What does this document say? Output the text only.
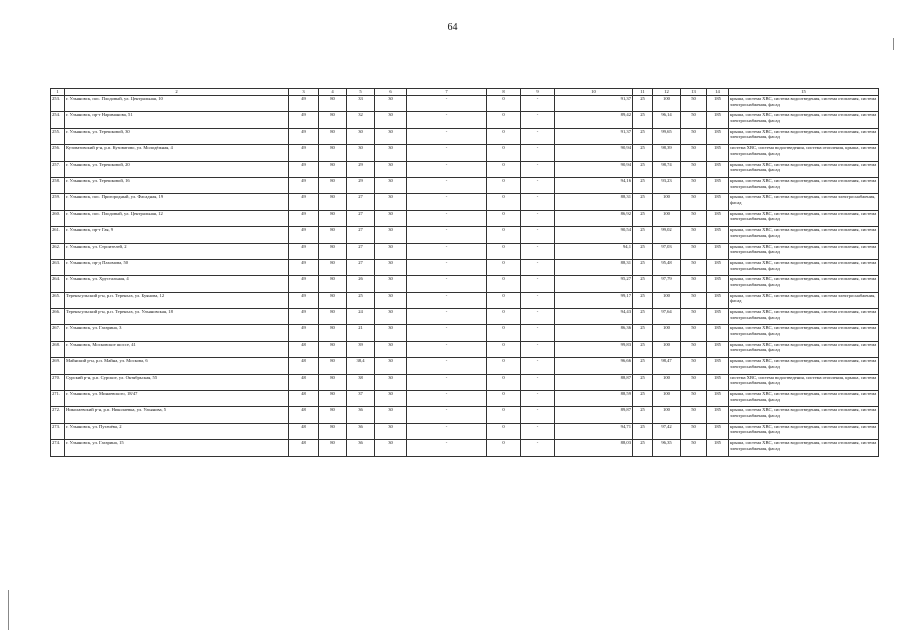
64
1	2	3	4	5	6	7	8	9	10	11	12	13	14	15
253.	г. Ульяновск, пос. Плодовый, ул. Центральная, 10	49	80	33	30	-	0	-	91,37	25	100	50	185	крыша, система ХВС, система водоотведения, система отопления, система электроснабжения, фасад
254.	г. Ульяновск, пр-т Нариманова, 51	49	80	32	30	-	0	-	89,42	25	96,14	50	185	крыша, система ХВС, система водоотведения, система отопления, система электроснабжения, фасад
255.	г. Ульяновск, ул. Терешковой, 30	49	80	30	30	-	0	-	91,37	25	99,65	50	185	крыша, система ХВС, система водоотведения, система отопления, система электроснабжения, фасад
256.	Кузоватовский р-н, р.п. Кузоватово, ул. Молодёжная, 4	49	80	30	30	-	0	-	90,94	25	98,39	50	185	система ХВС, система водоотведения, система отопления, крыша, система электроснабжения, фасад
257.	г. Ульяновск, ул. Терешковой, 20	49	80	29	30	-	0	-	90,94	25	98,74	50	185	крыша, система ХВС, система водоотведения, система отопления, система электроснабжения, фасад
258.	г. Ульяновск, ул. Терешковой, 16	49	80	29	30	-	0	-	94,16	25	93,23	50	185	крыша, система ХВС, система водоотведения, система отопления, система электроснабжения, фасад
259.	г. Ульяновск, пос. Пригородный, ул. Фасадная, 19	49	80	27	30	-	0	-	88,31	25	100	50	185	крыша, система ХВС, система водоотведения, система электроснабжения, фасад
260.	г. Ульяновск, пос. Плодовый, ул. Центральная, 12	49	80	27	30	-	0	-	86,92	25	100	50	185	крыша, система ХВС, система водоотведения, система отопления, система электроснабжения, фасад
261.	г. Ульяновск, пр-т Гая, 9	49	80	27	30	-	0	-	90,54	25	99,02	50	185	крыша, система ХВС, система водоотведения, система отопления, система электроснабжения, фасад
262.	г. Ульяновск, ул. Строителей, 2	49	80	27	30	-	0	-	94,1	25	97,03	50	185	крыша, система ХВС, система водоотведения, система отопления, система электроснабжения, фасад
263.	г. Ульяновск, пр-д Пахомова, 50	49	80	27	30	-	0	-	88,31	25	95,48	50	185	крыша, система ХВС, система водоотведения, система отопления, система электроснабжения, фасад
264.	г. Ульяновск, ул. Хрустальная, 4	49	80	26	30	-	0	-	95,27	25	97,79	50	185	крыша, система ХВС, система водоотведения, система отопления, система электроснабжения, фасад
265.	Тереньгульский р-н, р.п. Тереньга, ул. Буянова, 12	49	80	25	30	-	0	-	99,17	25	100	50	185	крыша, система ХВС, система водоотведения, система электроснабжения, фасад
266.	Тереньгульский р-н, р.п. Тереньга, ул. Ульяновская, 18	49	80	24	30	-	0	-	94,43	25	97,64	50	185	крыша, система ХВС, система водоотведения, система отопления, система электроснабжения, фасад
267.	г. Ульяновск, ул. Гагарина, 3	49	80	21	30	-	0	-	86,36	25	100	50	185	крыша, система ХВС, система водоотведения, система отопления, система электроснабжения, фасад
268.	г. Ульяновск, Московское шоссе, 41	48	80	39	30	-	0	-	99,83	25	100	50	185	крыша, система ХВС, система водоотведения, система отопления, система электроснабжения, фасад
269.	Майнский р-н, р.п. Майна, ул. Москова, 6	48	80	38,4	30	-	0	-	96,66	25	98,47	50	185	крыша, система ХВС, система водоотведения, система отопления, система электроснабжения, фасад
270.	Сурский р-н, р.п. Сурское, ул. Октябрьская, 55	48	80	38	30	-	0	-	88,87	25	100	50	185	система ХВС, система водоотведения, система отопления, крыша, система электроснабжения, фасад
271.	г. Ульяновск, ул. Минаевского, 18/47	48	80	37	30	-	0	-	88,59	25	100	50	185	крыша, система ХВС, система водоотведения, система отопления, система электроснабжения, фасад
272.	Николаевский р-н, р.п. Николаевка, ул. Ульянова, 5	48	80	36	30	-	0	-	89,87	25	100	50	185	крыша, система ХВС, система водоотведения, система отопления, система электроснабжения, фасад
273.	г. Ульяновск, ул. Пугачёва, 2	48	80	36	30	-	0	-	94,71	25	97,42	50	185	крыша, система ХВС, система водоотведения, система отопления, система электроснабжения, фасад
274.	г. Ульяновск, ул. Гагарина, 15	48	80	36	30	-	0	-	88,03	25	96,35	50	185	крыша, система ХВС, система водоотведения, система отопления, система электроснабжения, фасад
